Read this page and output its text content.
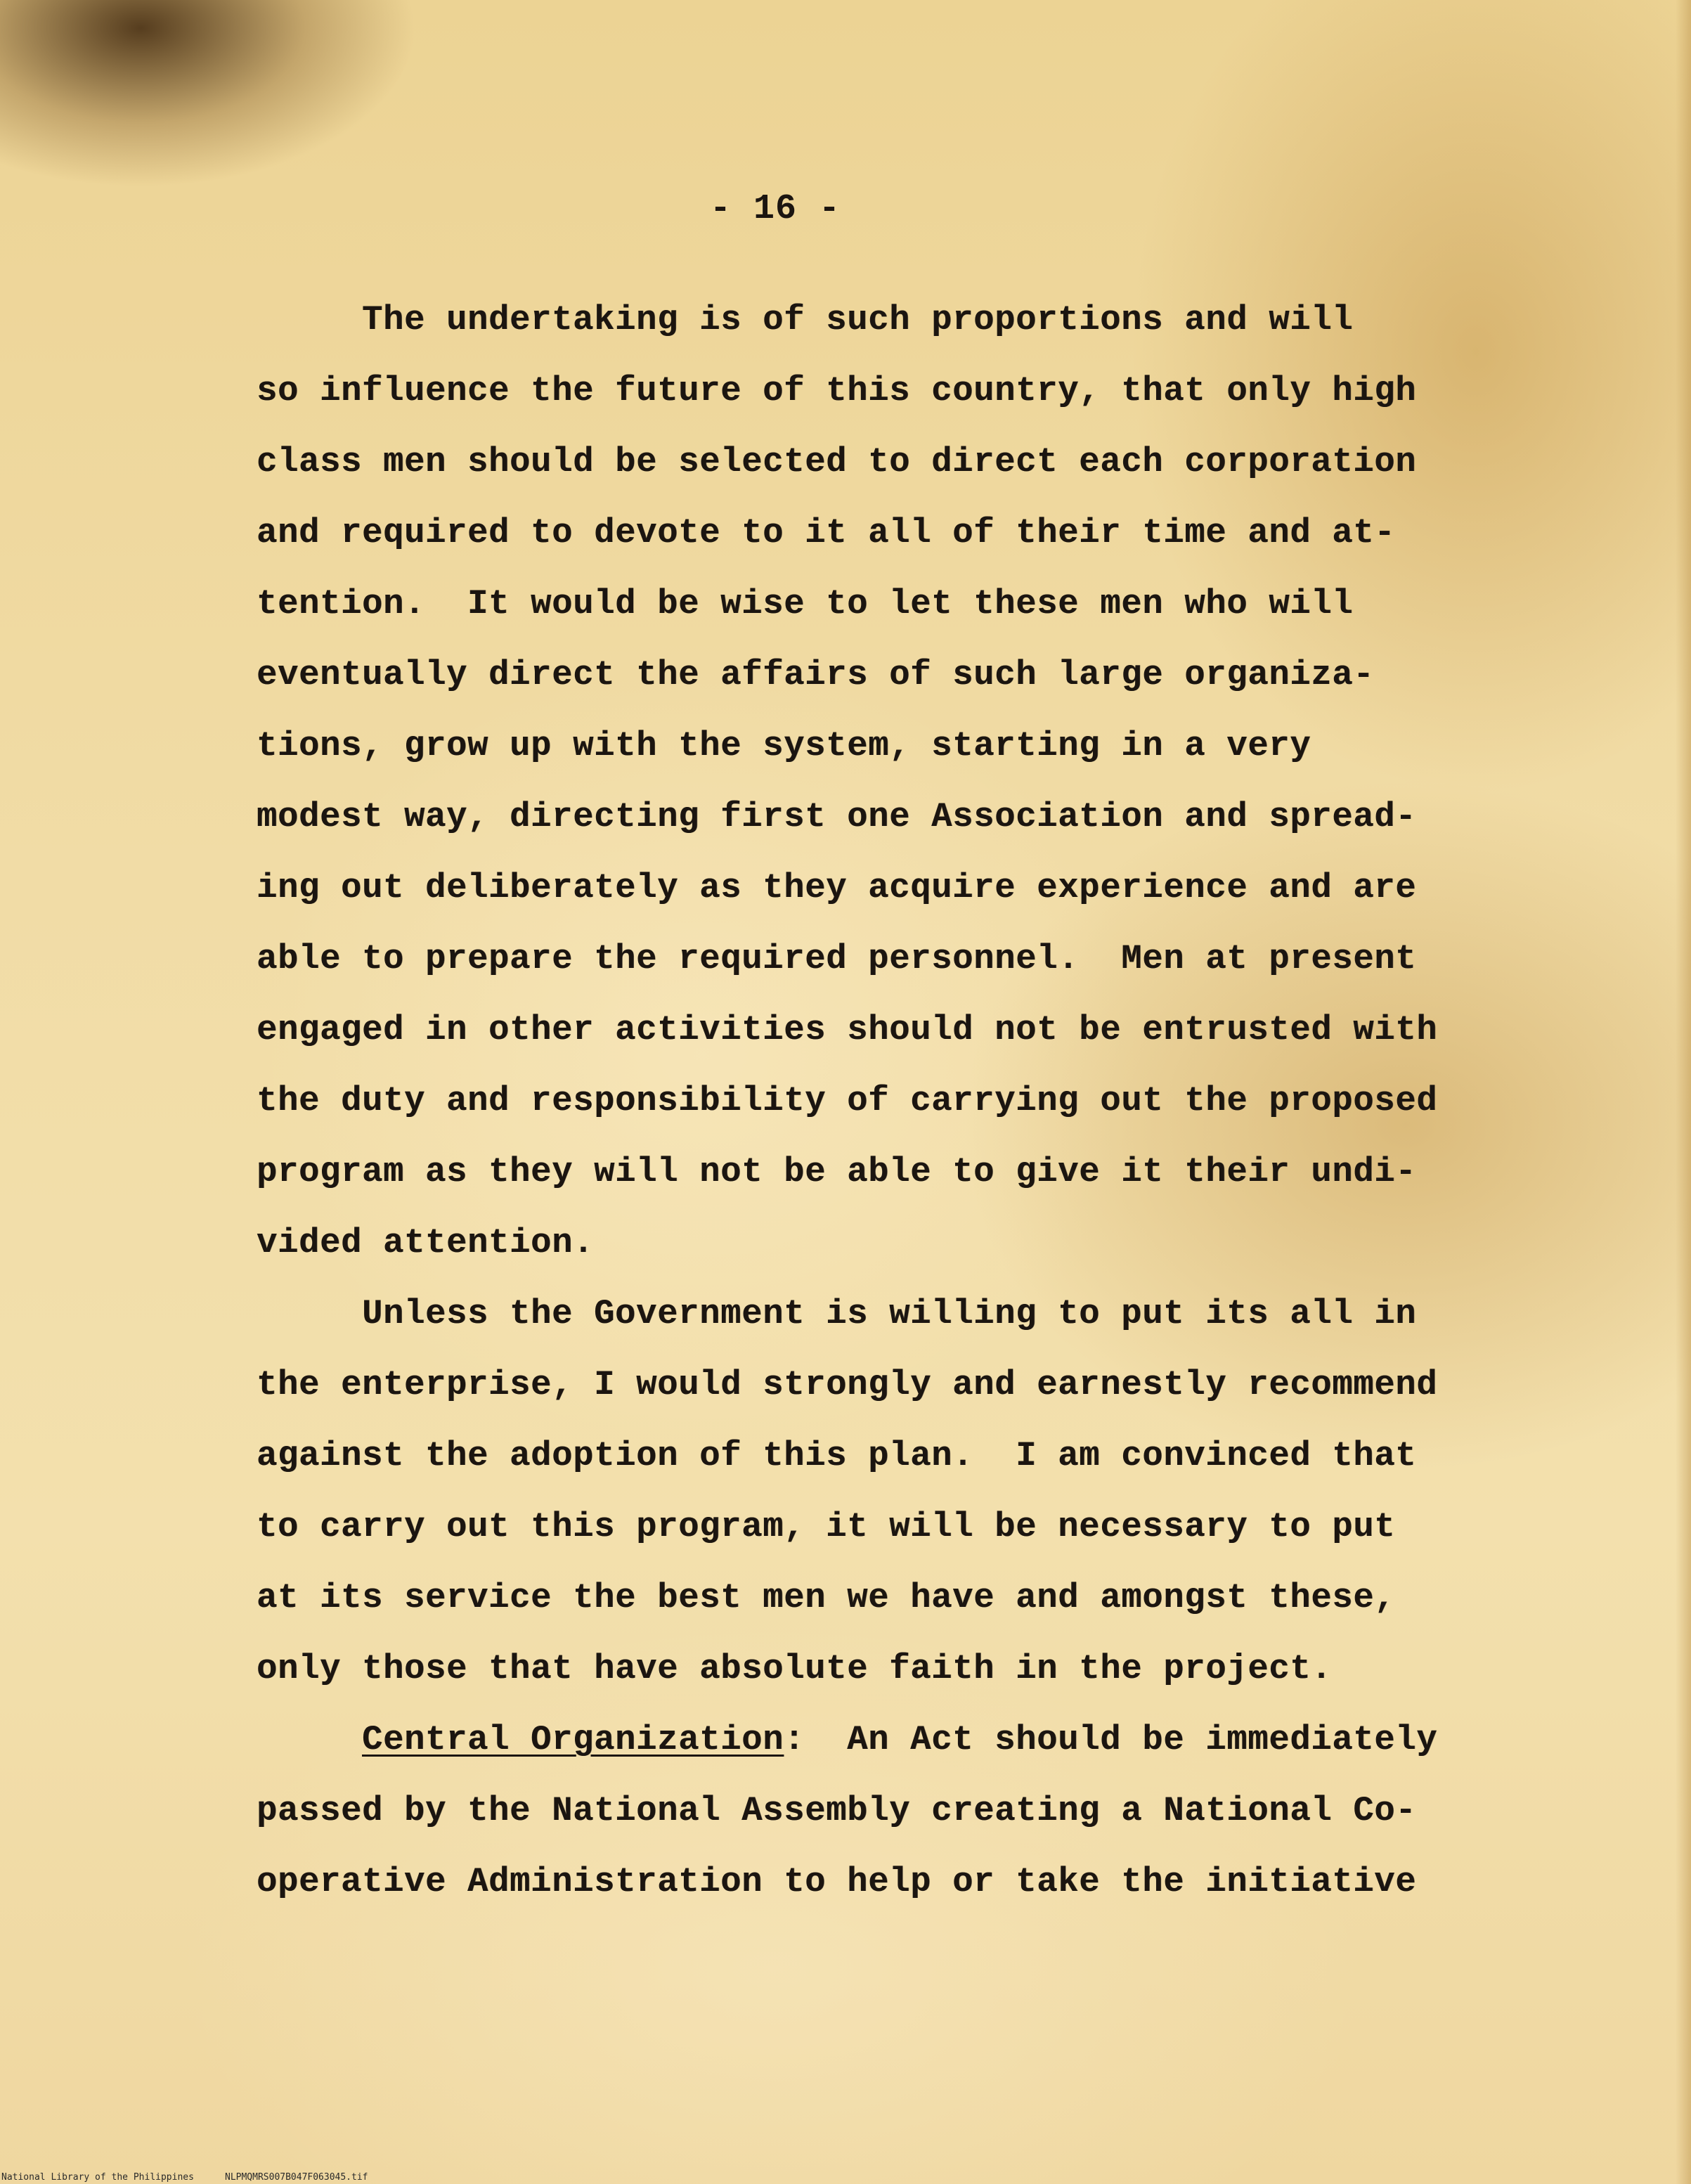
- 16 -
The undertaking is of such proportions and will
so influence the future of this country, that only high
class men should be selected to direct each corporation
and required to devote to it all of their time and at-
tention.  It would be wise to let these men who will
eventually direct the affairs of such large organiza-
tions, grow up with the system, starting in a very
modest way, directing first one Association and spread-
ing out deliberately as they acquire experience and are
able to prepare the required personnel.  Men at present
engaged in other activities should not be entrusted with
the duty and responsibility of carrying out the proposed
program as they will not be able to give it their undi-
vided attention.
Unless the Government is willing to put its all in
the enterprise, I would strongly and earnestly recommend
against the adoption of this plan.  I am convinced that
to carry out this program, it will be necessary to put
at its service the best men we have and amongst these,
only those that have absolute faith in the project.
Central Organization:  An Act should be immediately
passed by the National Assembly creating a National Co-
operative Administration to help or take the initiative
National Library of the Philippines	NLPMQMRS007B047F063045.tif
